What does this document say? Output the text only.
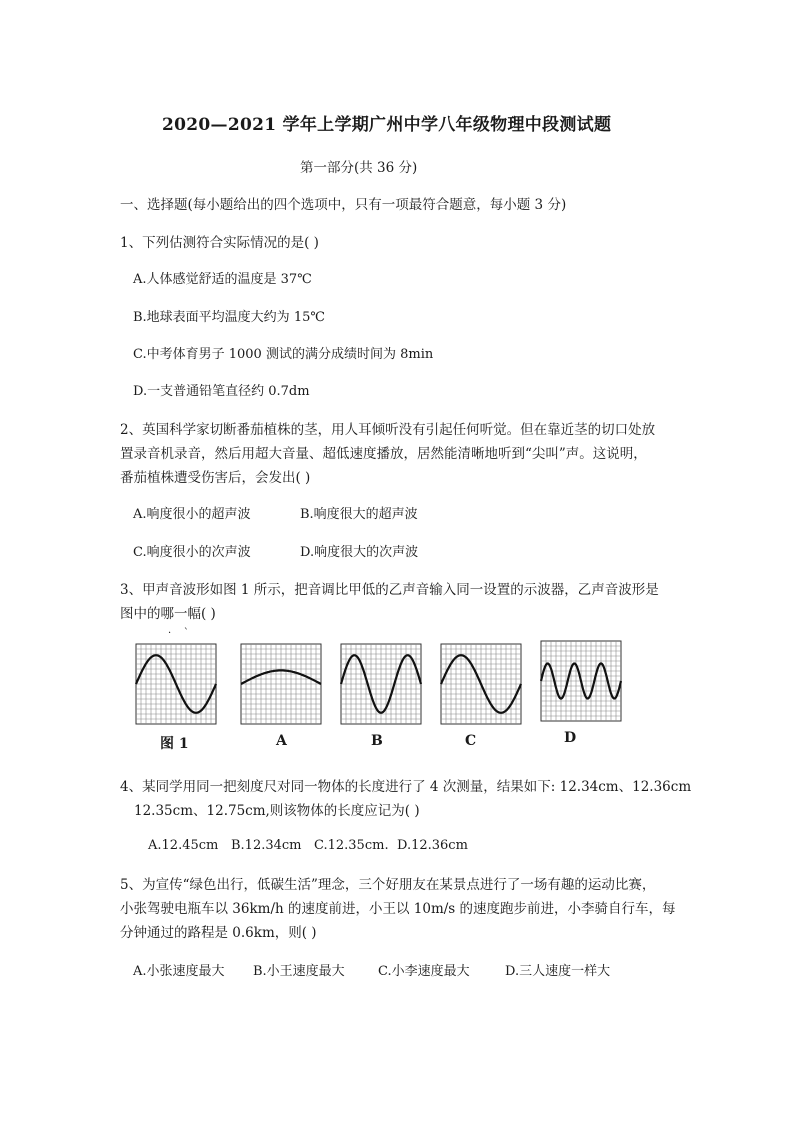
2020—2021 学年上学期广州中学八年级物理中段测试题
第一部分(共 36 分)
一、选择题(每小题给出的四个选项中，只有一项最符合题意，每小题 3 分)
1、下列估测符合实际情况的是( )
A.人体感觉舒适的温度是 37℃
B.地球表面平均温度大约为 15℃
C.中考体育男子 1000 测试的满分成绩时间为 8min
D.一支普通铅笔直径约 0.7dm
2、英国科学家切断番茄植株的茎，用人耳倾听没有引起任何听觉。但在靠近茎的切口处放
置录音机录音，然后用超大音量、超低速度播放，居然能清晰地听到“尖叫”声。这说明，
番茄植株遭受伤害后，会发出( )
A.响度很小的超声波	B.响度很大的超声波
C.响度很小的次声波	D.响度很大的次声波
3、甲声音波形如图 1 所示，把音调比甲低的乙声音输入同一设置的示波器，乙声音波形是
图中的哪一幅( )
·    `
图 1	A	B	C	D
4、某同学用同一把刻度尺对同一物体的长度进行了 4 次测量，结果如下: 12.34cm、12.36cm
12.35cm、12.75cm,则该物体的长度应记为( )
A.12.45cm B.12.34cm C.12.35cm. D.12.36cm
5、为宣传“绿色出行，低碳生活”理念，三个好朋友在某景点进行了一场有趣的运动比赛，
小张驾驶电瓶车以 36km/h 的速度前进，小王以 10m/s 的速度跑步前进，小李骑自行车，每
分钟通过的路程是 0.6km，则( )
A.小张速度最大 B.小王速度最大	C.小李速度最大	D.三人速度一样大
